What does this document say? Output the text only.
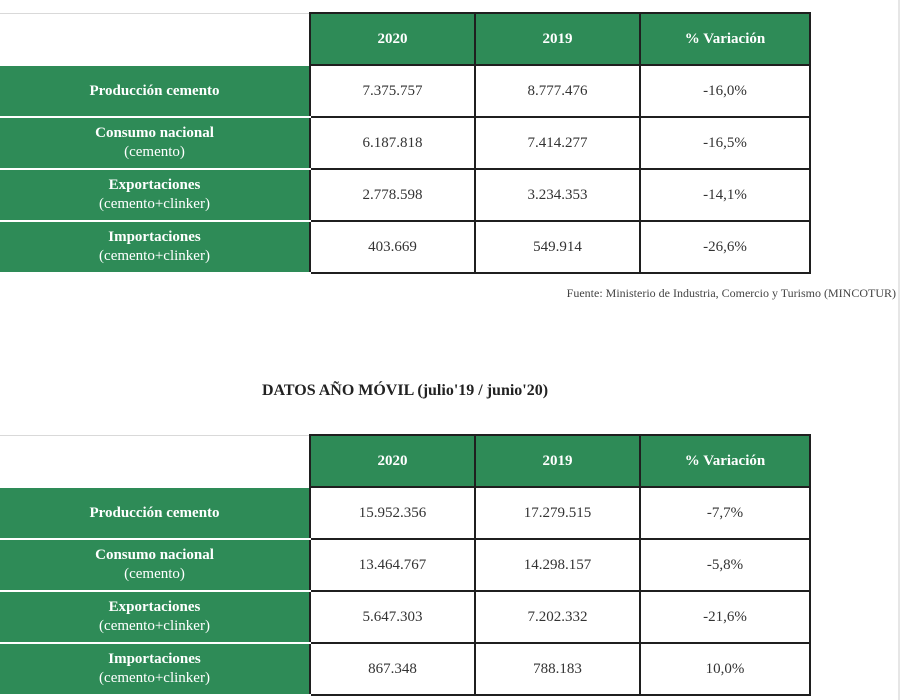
	2020	2019	% Variación
Producción cemento	7.375.757	8.777.476	-16,0%
Consumo nacional
(cemento)	6.187.818	7.414.277	-16,5%
Exportaciones
(cemento+clinker)	2.778.598	3.234.353	-14,1%
Importaciones
(cemento+clinker)	403.669	549.914	-26,6%
Fuente: Ministerio de Industria, Comercio y Turismo (MINCOTUR)
DATOS AÑO MÓVIL (julio'19 / junio'20)
	2020	2019	% Variación
Producción cemento	15.952.356	17.279.515	-7,7%
Consumo nacional
(cemento)	13.464.767	14.298.157	-5,8%
Exportaciones
(cemento+clinker)	5.647.303	7.202.332	-21,6%
Importaciones
(cemento+clinker)	867.348	788.183	10,0%
